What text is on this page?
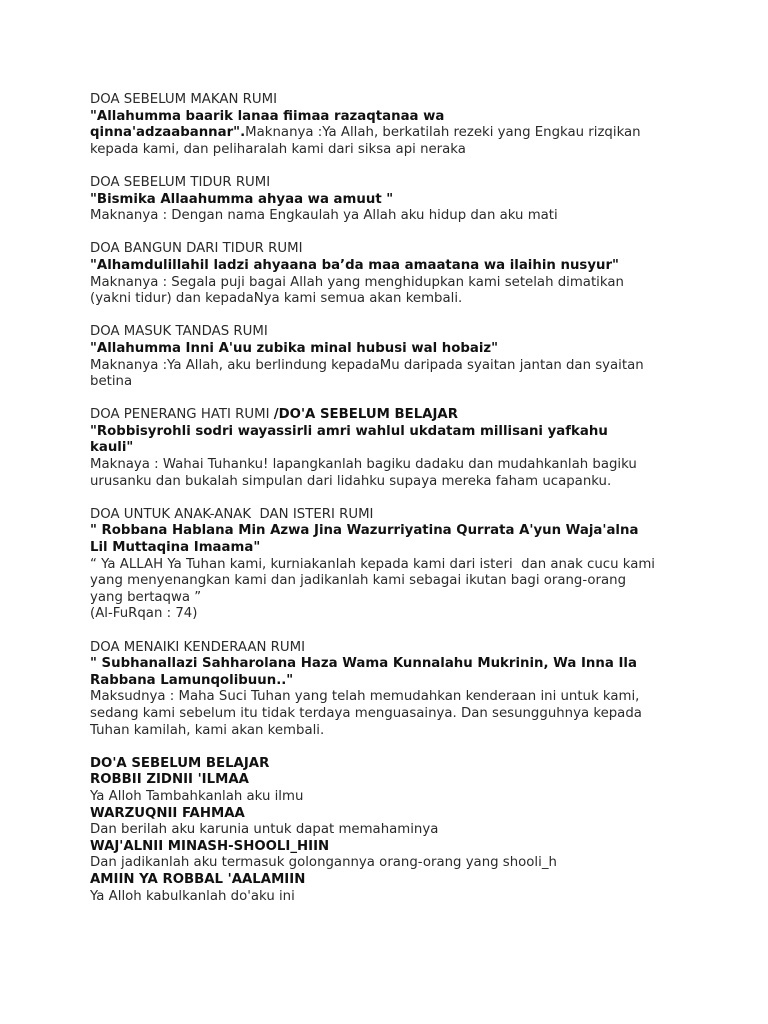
DOA SEBELUM MAKAN RUMI
"Allahumma baarik lanaa fiimaa razaqtanaa wa
qinna'adzaabannar".Maknanya :Ya Allah, berkatilah rezeki yang Engkau rizqikan
kepada kami, dan peliharalah kami dari siksa api neraka
DOA SEBELUM TIDUR RUMI
"Bismika Allaahumma ahyaa wa amuut "
Maknanya : Dengan nama Engkaulah ya Allah aku hidup dan aku mati
DOA BANGUN DARI TIDUR RUMI
"Alhamdulillahil ladzi ahyaana ba’da maa amaatana wa ilaihin nusyur"
Maknanya : Segala puji bagai Allah yang menghidupkan kami setelah dimatikan
(yakni tidur) dan kepadaNya kami semua akan kembali.
DOA MASUK TANDAS RUMI
"Allahumma Inni A'uu zubika minal hubusi wal hobaiz"
Maknanya :Ya Allah, aku berlindung kepadaMu daripada syaitan jantan dan syaitan
betina
DOA PENERANG HATI RUMI /DO'A SEBELUM BELAJAR
"Robbisyrohli sodri wayassirli amri wahlul ukdatam millisani yafkahu
kauli"
Maknaya : Wahai Tuhanku! lapangkanlah bagiku dadaku dan mudahkanlah bagiku
urusanku dan bukalah simpulan dari lidahku supaya mereka faham ucapanku.
DOA UNTUK ANAK-ANAK  DAN ISTERI RUMI
" Robbana Hablana Min Azwa Jina Wazurriyatina Qurrata A'yun Waja'alna
Lil Muttaqina Imaama"
“ Ya ALLAH Ya Tuhan kami, kurniakanlah kepada kami dari isteri  dan anak cucu kami
yang menyenangkan kami dan jadikanlah kami sebagai ikutan bagi orang-orang
yang bertaqwa ”
(Al-FuRqan : 74)
DOA MENAIKI KENDERAAN RUMI
" Subhanallazi Sahharolana Haza Wama Kunnalahu Mukrinin, Wa Inna Ila
Rabbana Lamunqolibuun.."
Maksudnya : Maha Suci Tuhan yang telah memudahkan kenderaan ini untuk kami,
sedang kami sebelum itu tidak terdaya menguasainya. Dan sesungguhnya kepada
Tuhan kamilah, kami akan kembali.
DO'A SEBELUM BELAJAR
ROBBII ZIDNII 'ILMAA
Ya Alloh Tambahkanlah aku ilmu
WARZUQNII FAHMAA
Dan berilah aku karunia untuk dapat memahaminya
WAJ'ALNII MINASH-SHOOLI_HIIN
Dan jadikanlah aku termasuk golongannya orang-orang yang shooli_h
AMIIN YA ROBBAL 'AALAMIIN
Ya Alloh kabulkanlah do'aku ini
